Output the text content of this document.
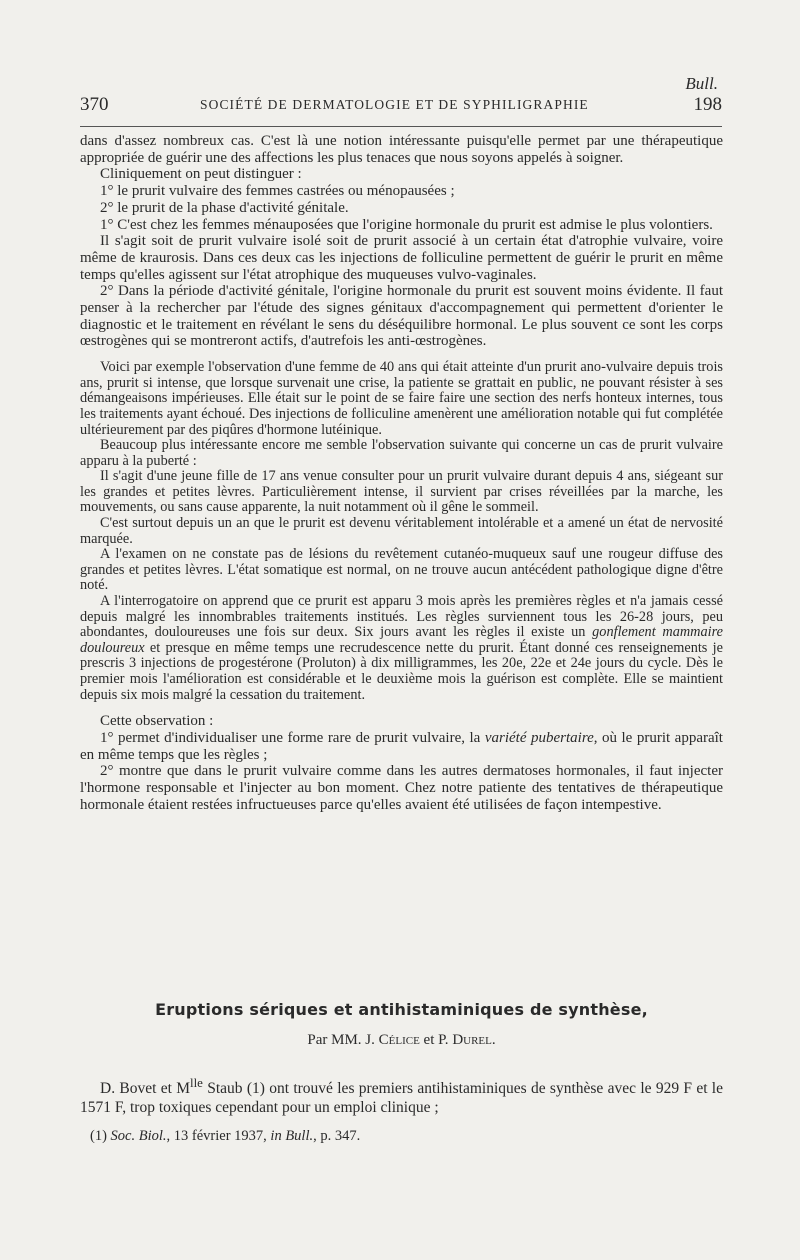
Bull.
370	SOCIÉTÉ DE DERMATOLOGIE ET DE SYPHILIGRAPHIE	198

dans d'assez nombreux cas. C'est là une notion intéressante puisqu'elle permet par une thérapeutique appropriée de guérir une des affections les plus tenaces que nous soyons appelés à soigner.

Cliniquement on peut distinguer :

1° le prurit vulvaire des femmes castrées ou ménopausées ;

2° le prurit de la phase d'activité génitale.

1° C'est chez les femmes ménauposées que l'origine hormonale du prurit est admise le plus volontiers.

Il s'agit soit de prurit vulvaire isolé soit de prurit associé à un certain état d'atrophie vulvaire, voire même de kraurosis. Dans ces deux cas les injections de folliculine permettent de guérir le prurit en même temps qu'elles agissent sur l'état atrophique des muqueuses vulvo-vaginales.

2° Dans la période d'activité génitale, l'origine hormonale du prurit est souvent moins évidente. Il faut penser à la rechercher par l'étude des signes génitaux d'accompagnement qui permettent d'orienter le diagnostic et le traitement en révélant le sens du déséquilibre hormonal. Le plus souvent ce sont les corps œstrogènes qui se montreront actifs, d'autrefois les anti-œstrogènes.

Voici par exemple l'observation d'une femme de 40 ans qui était atteinte d'un prurit ano-vulvaire depuis trois ans, prurit si intense, que lorsque survenait une crise, la patiente se grattait en public, ne pouvant résister à ses démangeaisons impérieuses. Elle était sur le point de se faire faire une section des nerfs honteux internes, tous les traitements ayant échoué. Des injections de folliculine amenèrent une amélioration notable qui fut complétée ultérieurement par des piqûres d'hormone lutéinique.

Beaucoup plus intéressante encore me semble l'observation suivante qui concerne un cas de prurit vulvaire apparu à la puberté :

Il s'agit d'une jeune fille de 17 ans venue consulter pour un prurit vulvaire durant depuis 4 ans, siégeant sur les grandes et petites lèvres. Particulièrement intense, il survient par crises réveillées par la marche, les mouvements, ou sans cause apparente, la nuit notamment où il gêne le sommeil.

C'est surtout depuis un an que le prurit est devenu véritablement intolérable et a amené un état de nervosité marquée.

A l'examen on ne constate pas de lésions du revêtement cutanéo-muqueux sauf une rougeur diffuse des grandes et petites lèvres. L'état somatique est normal, on ne trouve aucun antécédent pathologique digne d'être noté.

A l'interrogatoire on apprend que ce prurit est apparu 3 mois après les premières règles et n'a jamais cessé depuis malgré les innombrables traitements institués. Les règles surviennent tous les 26-28 jours, peu abondantes, douloureuses une fois sur deux. Six jours avant les règles il existe un gonflement mammaire douloureux et presque en même temps une recrudescence nette du prurit. Étant donné ces renseignements je prescris 3 injections de progestérone (Proluton) à dix milligrammes, les 20e, 22e et 24e jours du cycle. Dès le premier mois l'amélioration est considérable et le deuxième mois la guérison est complète. Elle se maintient depuis six mois malgré la cessation du traitement.

Cette observation :

1° permet d'individualiser une forme rare de prurit vulvaire, la variété pubertaire, où le prurit apparaît en même temps que les règles ;

2° montre que dans le prurit vulvaire comme dans les autres dermatoses hormonales, il faut injecter l'hormone responsable et l'injecter au bon moment. Chez notre patiente des tentatives de thérapeutique hormonale étaient restées infructueuses parce qu'elles avaient été utilisées de façon intempestive.

Eruptions sériques et antihistaminiques de synthèse,
Par MM. J. Célice et P. Durel.

D. Bovet et $M^{lle}$ Staub (1) ont trouvé les premiers antihistaminiques de synthèse avec le 929 F et le 1571 F, trop toxiques cependant pour un emploi clinique ;

(1) Soc. Biol., 13 février 1937, in Bull., p. 347.
